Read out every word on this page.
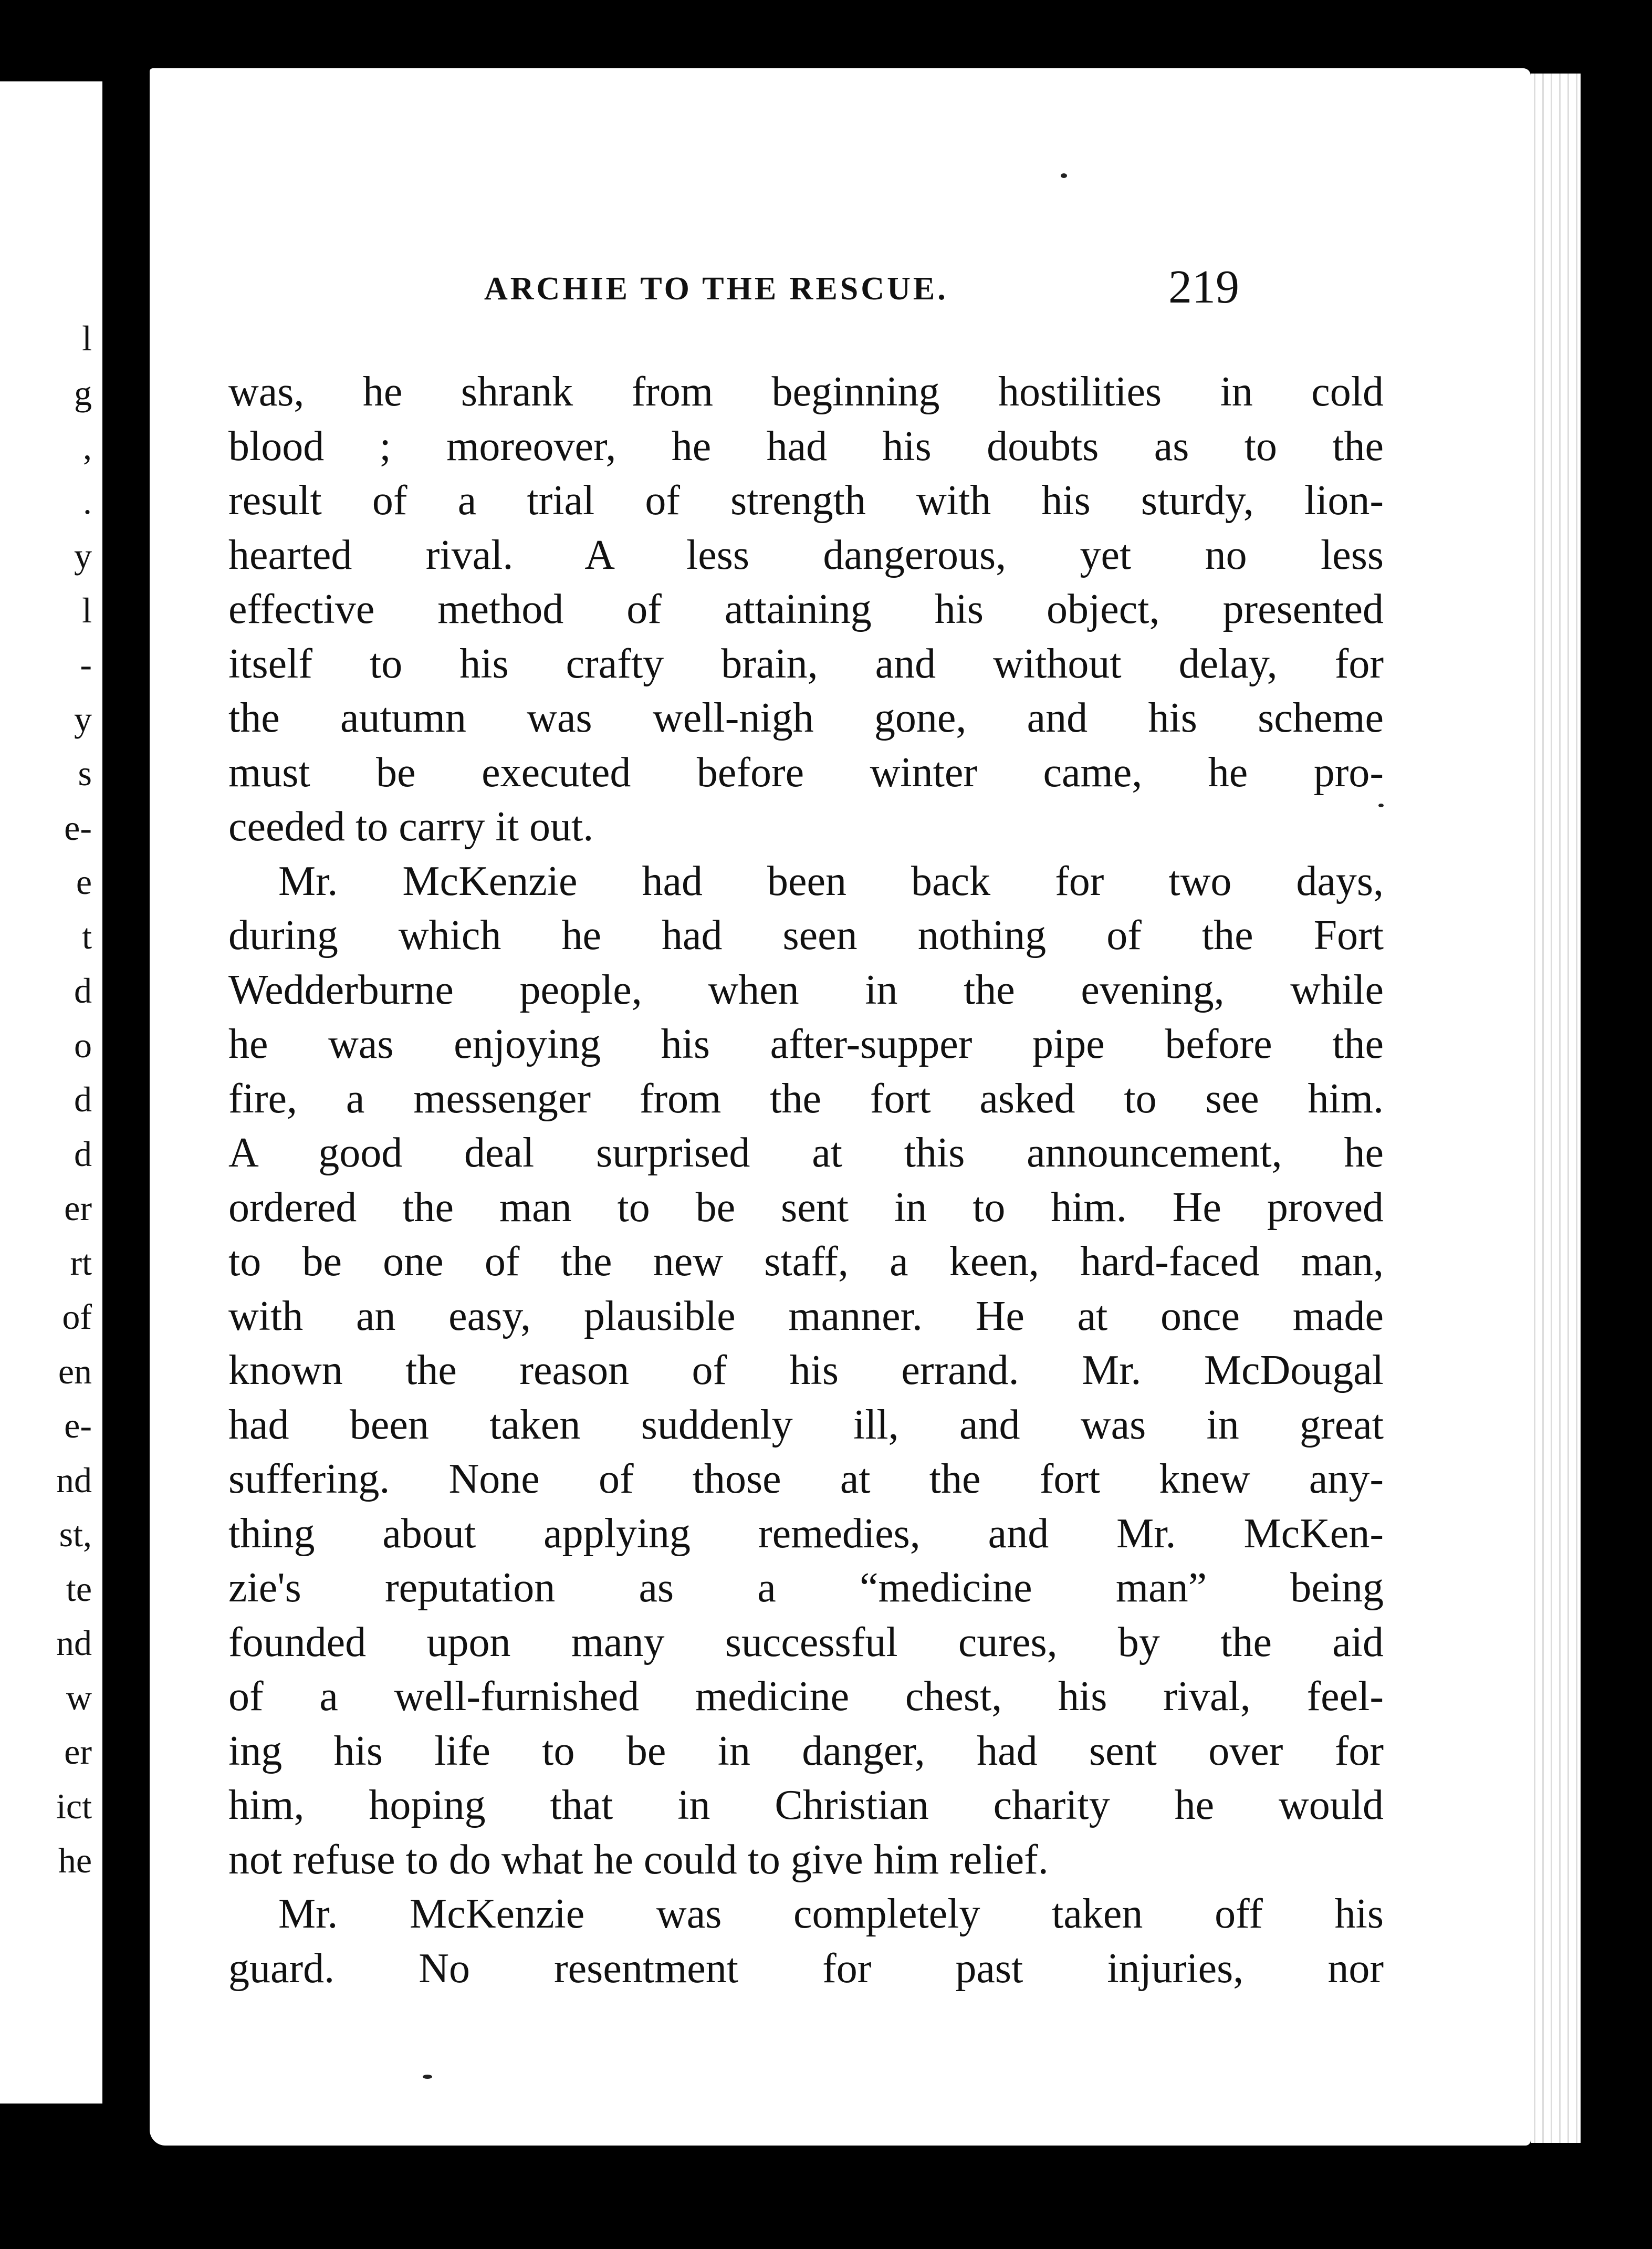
l
g
,
.
y
l
-
y
s
e-
e
t
d
o
d
d
er
rt
of
en
e-
nd
st,
te
nd
w
er
ict
he
ARCHIE TO THE RESCUE.	219
was, he shrank from beginning hostilities in cold
blood ; moreover, he had his doubts as to the
result of a trial of strength with his sturdy, lion-
hearted rival. A less dangerous, yet no less
effective method of attaining his object, presented
itself to his crafty brain, and without delay, for
the autumn was well-nigh gone, and his scheme
must be executed before winter came, he pro-
ceeded to carry it out.
Mr. McKenzie had been back for two days,
during which he had seen nothing of the Fort
Wedderburne people, when in the evening, while
he was enjoying his after-supper pipe before the
fire, a messenger from the fort asked to see him.
A good deal surprised at this announcement, he
ordered the man to be sent in to him. He proved
to be one of the new staff, a keen, hard-faced man,
with an easy, plausible manner. He at once made
known the reason of his errand. Mr. McDougal
had been taken suddenly ill, and was in great
suffering. None of those at the fort knew any-
thing about applying remedies, and Mr. McKen-
zie's reputation as a “medicine man” being
founded upon many successful cures, by the aid
of a well-furnished medicine chest, his rival, feel-
ing his life to be in danger, had sent over for
him, hoping that in Christian charity he would
not refuse to do what he could to give him relief.
Mr. McKenzie was completely taken off his
guard. No resentment for past injuries, nor
